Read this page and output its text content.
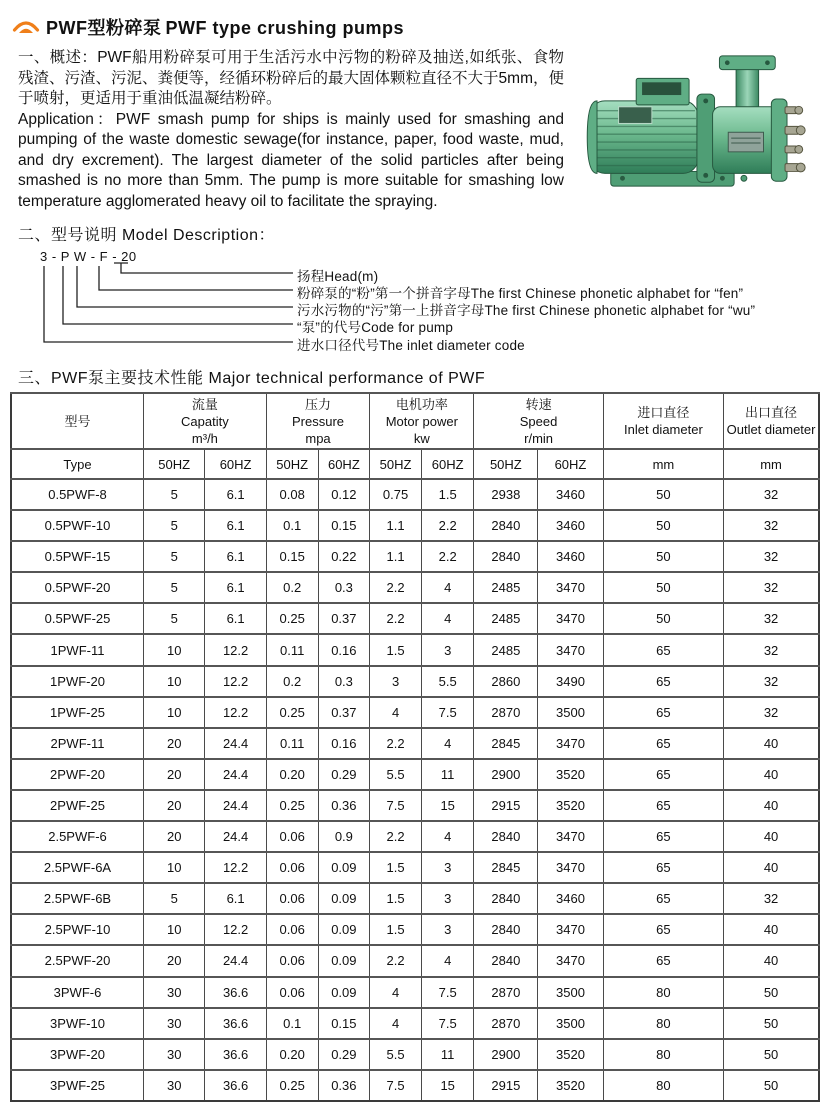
PWF型粉碎泵 PWF type crushing pumps

一、概述：PWF船用粉碎泵可用于生活污水中污物的粉碎及抽送,如纸张、食物残渣、污渣、污泥、粪便等，经循环粉碎后的最大固体颗粒直径不大于5mm，便于喷射，更适用于重油低温凝结粉碎。

Application：PWF smash pump for ships is mainly used for smashing and pumping of the waste domestic sewage(for instance, paper, food waste, mud, and dry excrement). The largest diameter of the solid particles after being smashed is no more than 5mm. The pump is more suitable for smashing low temperature agglomerated heavy oil to facilitate the spraying.

二、型号说明 Model Description：
3 - P W - F - 20
扬程Head(m)
粉碎泵的“粉”第一个拼音字母The first Chinese phonetic alphabet for “fen”
污水污物的“污”第一上拼音字母The first Chinese phonetic alphabet for “wu”
“泵”的代号Code for pump
进水口径代号The inlet diameter code
三、PWF泵主要技术性能 Major technical performance of PWF
型号	流量
Capatity
m³/h		压力
Pressure
mpa		电机功率
Motor power
kw		转速
Speed
r/min		进口直径
Inlet diameter	出口直径
Outlet diameter

Type	50HZ	60HZ	50HZ	60HZ	50HZ	60HZ	50HZ	60HZ	mm	mm
0.5PWF-8	5	6.1	0.08	0.12	0.75	1.5	2938	3460	50	32
0.5PWF-10	5	6.1	0.1	0.15	1.1	2.2	2840	3460	50	32
0.5PWF-15	5	6.1	0.15	0.22	1.1	2.2	2840	3460	50	32
0.5PWF-20	5	6.1	0.2	0.3	2.2	4	2485	3470	50	32
0.5PWF-25	5	6.1	0.25	0.37	2.2	4	2485	3470	50	32
1PWF-11	10	12.2	0.11	0.16	1.5	3	2485	3470	65	32
1PWF-20	10	12.2	0.2	0.3	3	5.5	2860	3490	65	32
1PWF-25	10	12.2	0.25	0.37	4	7.5	2870	3500	65	32
2PWF-11	20	24.4	0.11	0.16	2.2	4	2845	3470	65	40
2PWF-20	20	24.4	0.20	0.29	5.5	11	2900	3520	65	40
2PWF-25	20	24.4	0.25	0.36	7.5	15	2915	3520	65	40
2.5PWF-6	20	24.4	0.06	0.9	2.2	4	2840	3470	65	40
2.5PWF-6A	10	12.2	0.06	0.09	1.5	3	2845	3470	65	40
2.5PWF-6B	5	6.1	0.06	0.09	1.5	3	2840	3460	65	32
2.5PWF-10	10	12.2	0.06	0.09	1.5	3	2840	3470	65	40
2.5PWF-20	20	24.4	0.06	0.09	2.2	4	2840	3470	65	40
3PWF-6	30	36.6	0.06	0.09	4	7.5	2870	3500	80	50
3PWF-10	30	36.6	0.1	0.15	4	7.5	2870	3500	80	50
3PWF-20	30	36.6	0.20	0.29	5.5	11	2900	3520	80	50
3PWF-25	30	36.6	0.25	0.36	7.5	15	2915	3520	80	50
